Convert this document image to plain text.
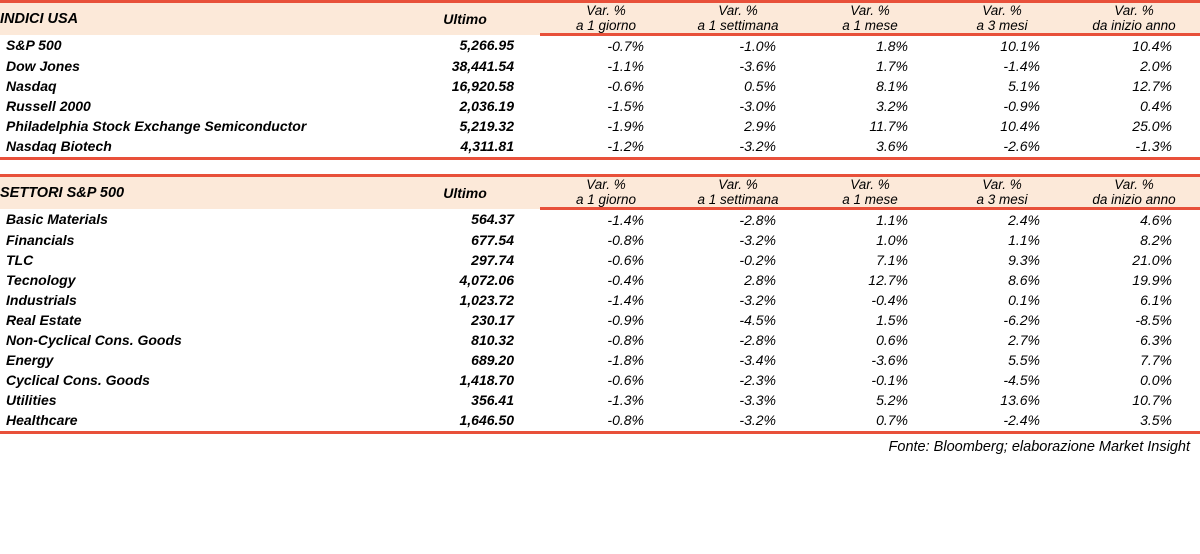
INDICI USA	Ultimo	Var. %	Var. %	Var. %	Var. %	Var. %
		a 1 giorno	a 1 settimana	a 1 mese	a 3 mesi	da inizio anno
S&P 500	5,266.95	-0.7%	-1.0%	1.8%	10.1%	10.4%
Dow Jones	38,441.54	-1.1%	-3.6%	1.7%	-1.4%	2.0%
Nasdaq	16,920.58	-0.6%	0.5%	8.1%	5.1%	12.7%
Russell 2000	2,036.19	-1.5%	-3.0%	3.2%	-0.9%	0.4%
Philadelphia Stock Exchange Semiconductor	5,219.32	-1.9%	2.9%	11.7%	10.4%	25.0%
Nasdaq Biotech	4,311.81	-1.2%	-3.2%	3.6%	-2.6%	-1.3%
SETTORI S&P 500	Ultimo	Var. %	Var. %	Var. %	Var. %	Var. %
		a 1 giorno	a 1 settimana	a 1 mese	a 3 mesi	da inizio anno
Basic Materials	564.37	-1.4%	-2.8%	1.1%	2.4%	4.6%
Financials	677.54	-0.8%	-3.2%	1.0%	1.1%	8.2%
TLC	297.74	-0.6%	-0.2%	7.1%	9.3%	21.0%
Tecnology	4,072.06	-0.4%	2.8%	12.7%	8.6%	19.9%
Industrials	1,023.72	-1.4%	-3.2%	-0.4%	0.1%	6.1%
Real Estate	230.17	-0.9%	-4.5%	1.5%	-6.2%	-8.5%
Non-Cyclical Cons. Goods	810.32	-0.8%	-2.8%	0.6%	2.7%	6.3%
Energy	689.20	-1.8%	-3.4%	-3.6%	5.5%	7.7%
Cyclical Cons. Goods	1,418.70	-0.6%	-2.3%	-0.1%	-4.5%	0.0%
Utilities	356.41	-1.3%	-3.3%	5.2%	13.6%	10.7%
Healthcare	1,646.50	-0.8%	-3.2%	0.7%	-2.4%	3.5%
Fonte: Bloomberg; elaborazione Market Insight
